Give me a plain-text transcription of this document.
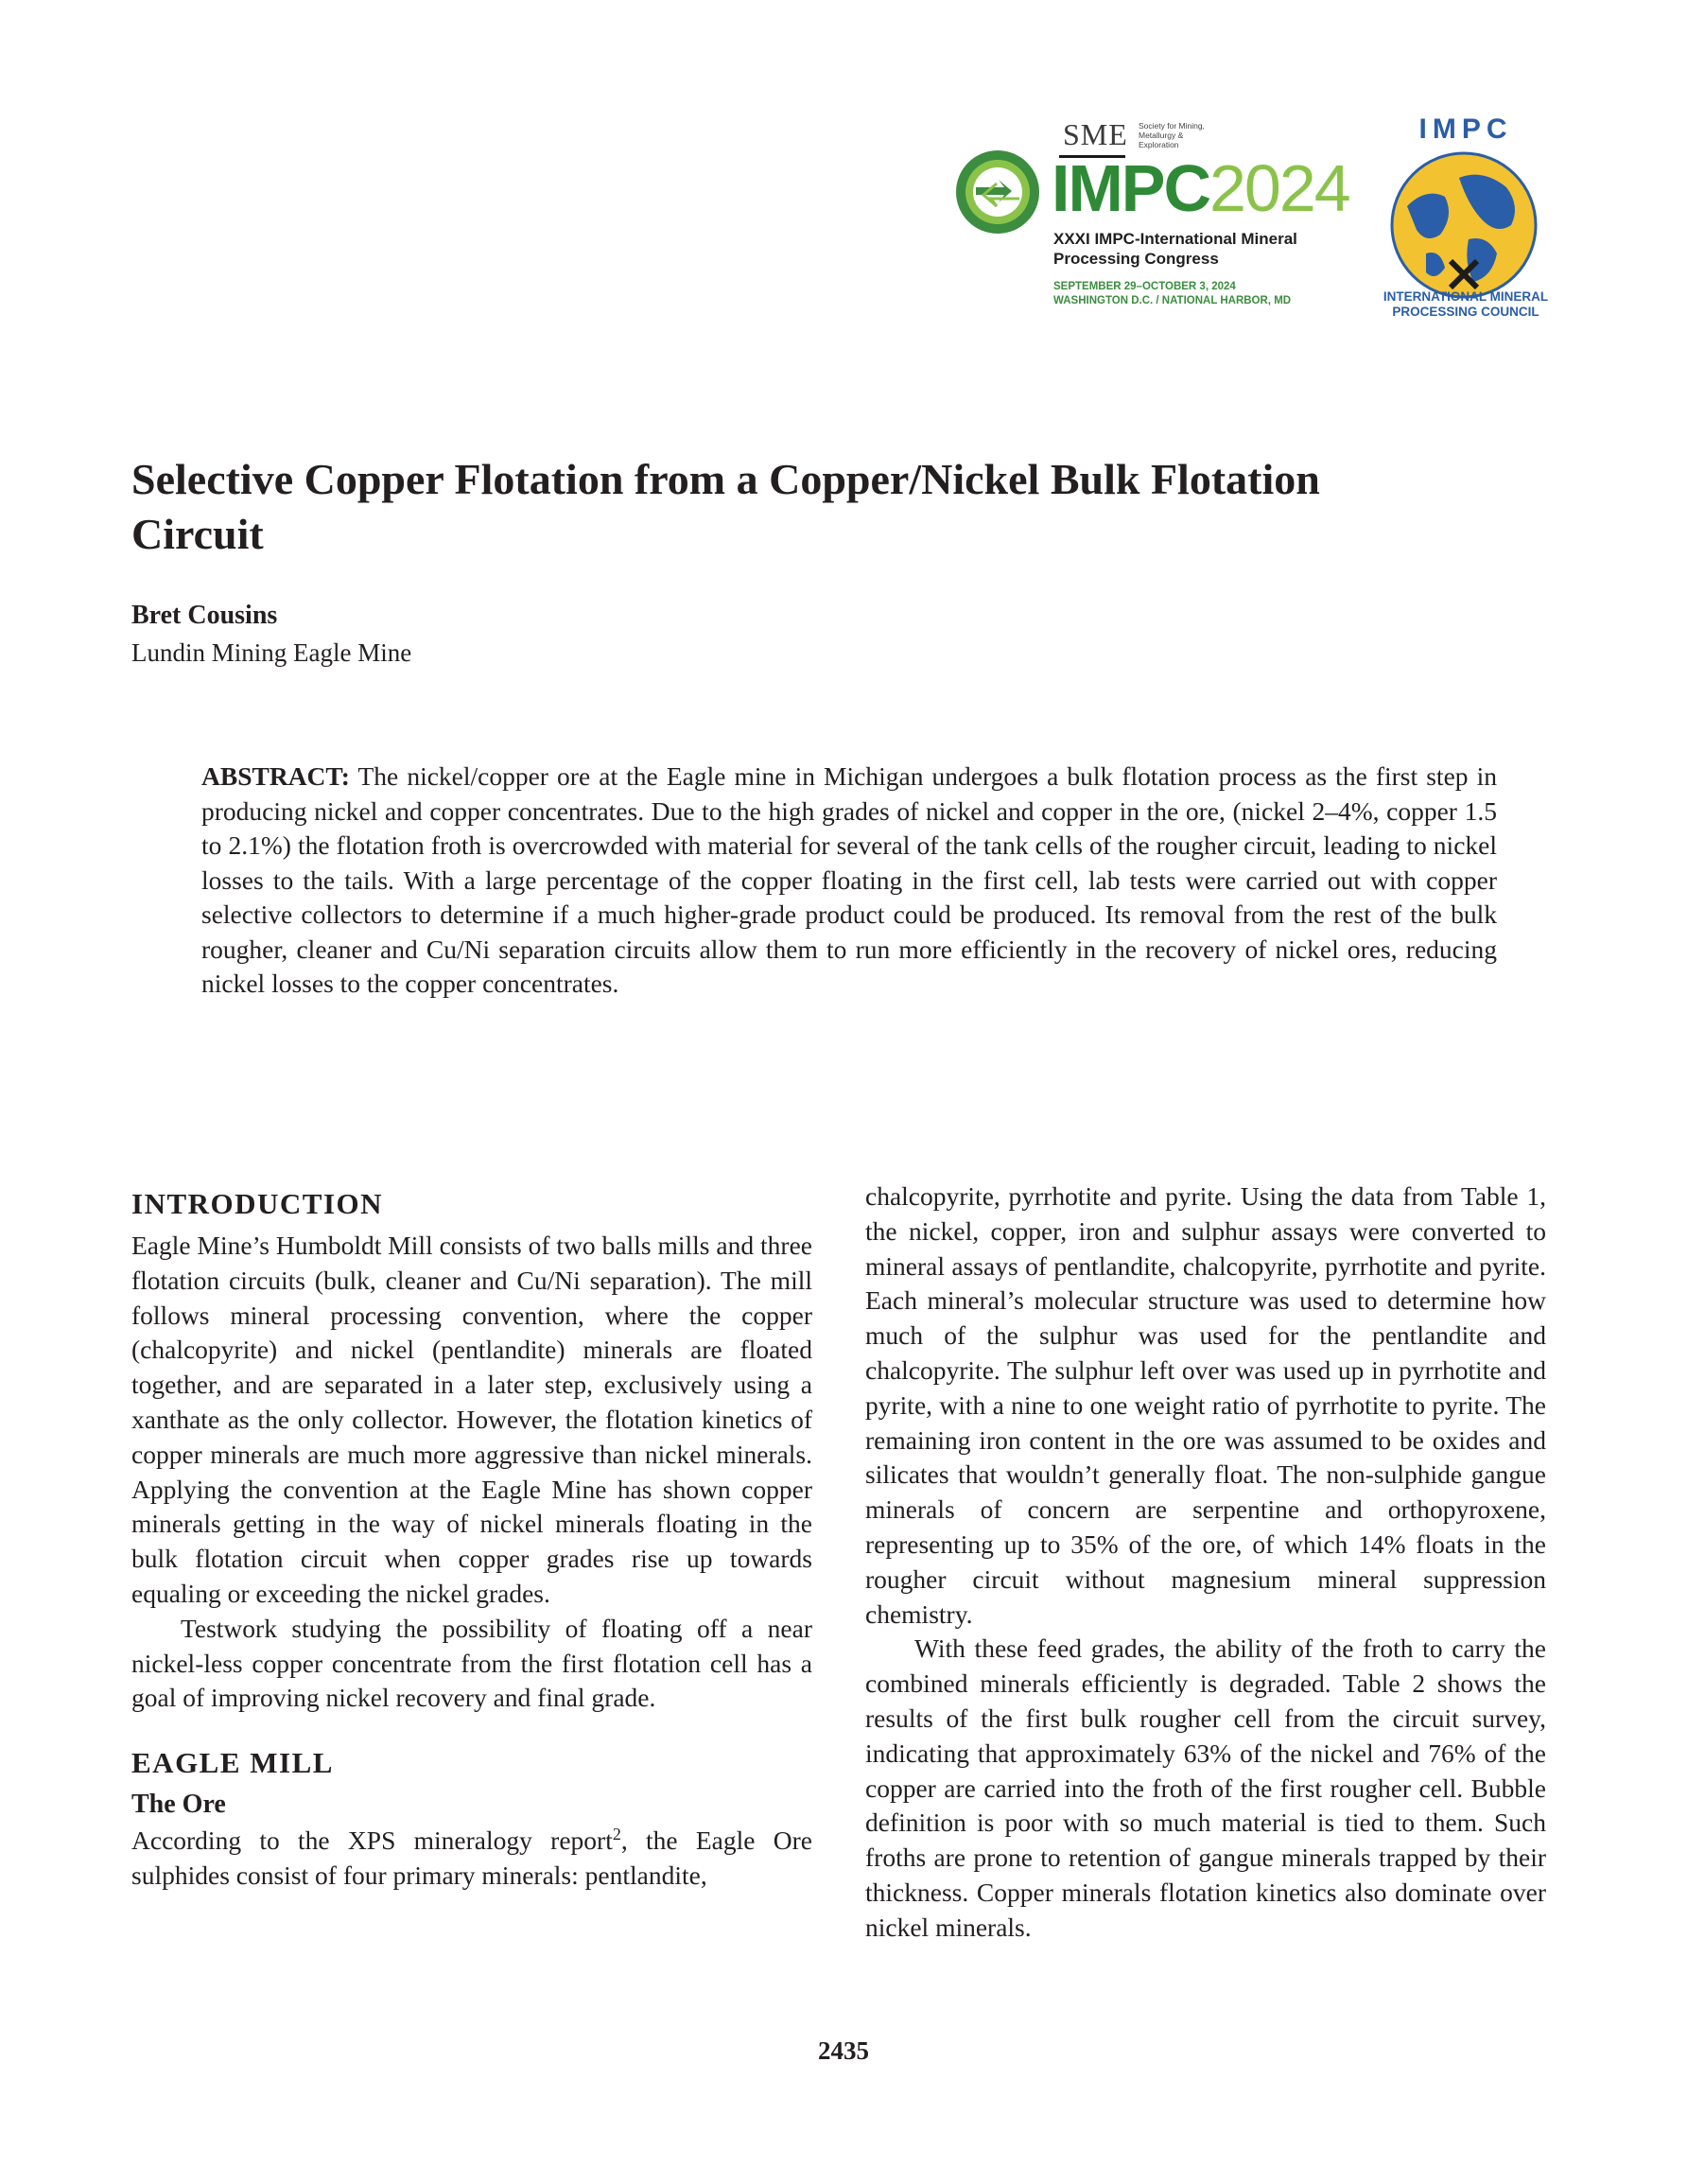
SME Society for Mining, Metallurgy & Exploration
IMPC2024
XXXI IMPC-International Mineral Processing Congress
SEPTEMBER 29–OCTOBER 3, 2024
WASHINGTON D.C. / NATIONAL HARBOR, MD
IMPC
INTERNATIONAL MINERAL PROCESSING COUNCIL
Selective Copper Flotation from a Copper/Nickel Bulk Flotation Circuit
Bret Cousins
Lundin Mining Eagle Mine
ABSTRACT: The nickel/copper ore at the Eagle mine in Michigan undergoes a bulk flotation process as the first step in producing nickel and copper concentrates. Due to the high grades of nickel and copper in the ore, (nickel 2–4%, copper 1.5 to 2.1%) the flotation froth is overcrowded with material for several of the tank cells of the rougher circuit, leading to nickel losses to the tails. With a large percentage of the copper floating in the first cell, lab tests were carried out with copper selective collectors to determine if a much higher-grade product could be produced. Its removal from the rest of the bulk rougher, cleaner and Cu/Ni separation circuits allow them to run more efficiently in the recovery of nickel ores, reducing nickel losses to the copper concentrates.
INTRODUCTION

Eagle Mine’s Humboldt Mill consists of two balls mills and three flotation circuits (bulk, cleaner and Cu/Ni separation). The mill follows mineral processing convention, where the copper (chalcopyrite) and nickel (pentlandite) minerals are floated together, and are separated in a later step, exclusively using a xanthate as the only collector. However, the flotation kinetics of copper minerals are much more aggressive than nickel minerals. Applying the convention at the Eagle Mine has shown copper minerals getting in the way of nickel minerals floating in the bulk flotation circuit when copper grades rise up towards equaling or exceeding the nickel grades.

Testwork studying the possibility of floating off a near nickel-less copper concentrate from the first flotation cell has a goal of improving nickel recovery and final grade.

EAGLE MILL
The Ore

According to the XPS mineralogy report$^2$, the Eagle Ore sulphides consist of four primary minerals: pentlandite,

chalcopyrite, pyrrhotite and pyrite. Using the data from Table 1, the nickel, copper, iron and sulphur assays were converted to mineral assays of pentlandite, chalcopyrite, pyrrhotite and pyrite. Each mineral’s molecular structure was used to determine how much of the sulphur was used for the pentlandite and chalcopyrite. The sulphur left over was used up in pyrrhotite and pyrite, with a nine to one weight ratio of pyrrhotite to pyrite. The remaining iron content in the ore was assumed to be oxides and silicates that wouldn’t generally float. The non-sulphide gangue minerals of concern are serpentine and orthopyroxene, representing up to 35% of the ore, of which 14% floats in the rougher circuit without magnesium mineral suppression chemistry.

With these feed grades, the ability of the froth to carry the combined minerals efficiently is degraded. Table 2 shows the results of the first bulk rougher cell from the circuit survey, indicating that approximately 63% of the nickel and 76% of the copper are carried into the froth of the first rougher cell. Bubble definition is poor with so much material is tied to them. Such froths are prone to retention of gangue minerals trapped by their thickness. Copper minerals flotation kinetics also dominate over nickel minerals.

2435
